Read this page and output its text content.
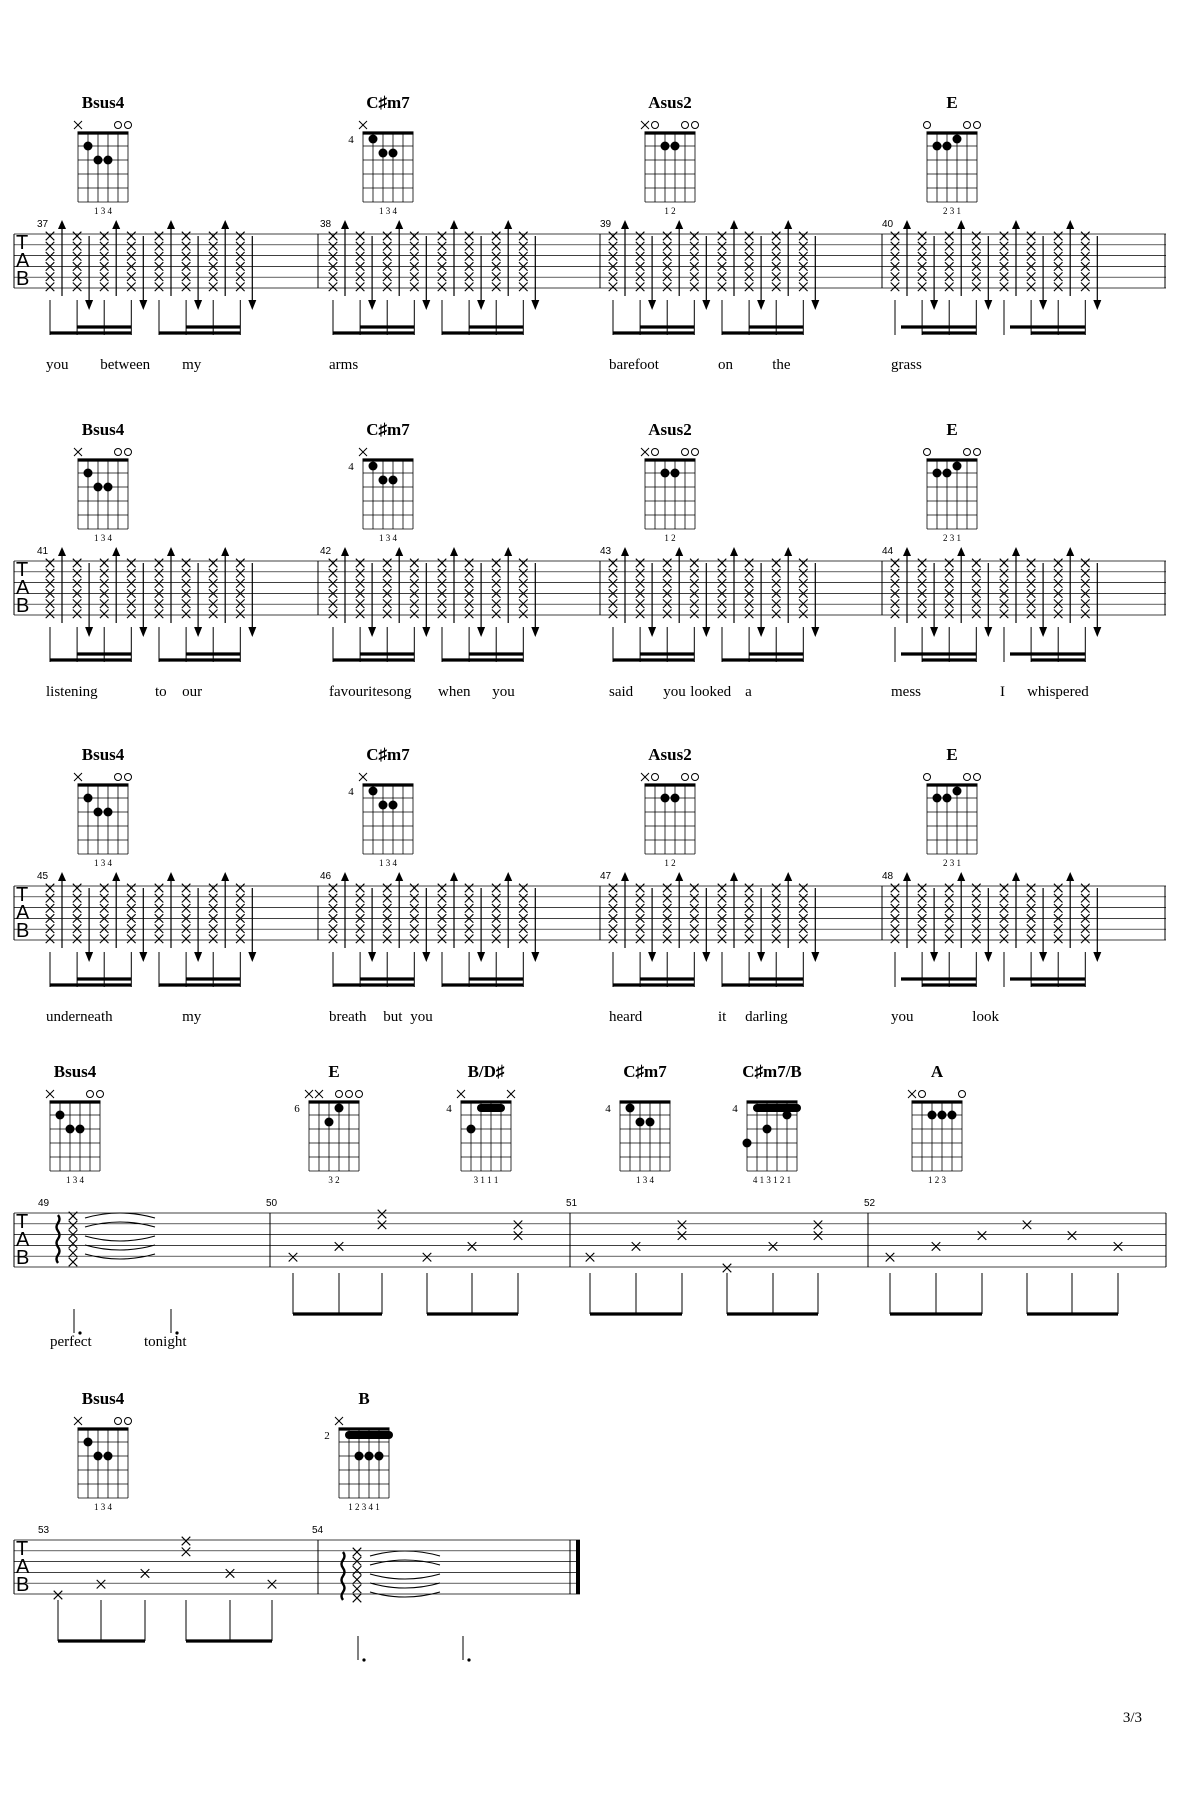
T
A
B
37	38	39	40
you between my	arms	barefoot	on	the	grass
Bsus4
1 3 4
C♯m7
4
1 3 4
Asus2
1 2
E
2 3 1
T
A
B
41	42	43	44
listening	to our	favourite song when you	said you looked a	mess	I whispered
Bsus4
1 3 4
C♯m7
4
1 3 4
Asus2
1 2
E
2 3 1
T
A
B
45	46	47	48
underneath	my	breath but you	heard	it darling	you	look
Bsus4
1 3 4
C♯m7
4
1 3 4
Asus2
1 2
E
2 3 1
T
A
B
49	50	51	52
perfect	tonight
Bsus4
1 3 4
E
6
3 2
B/D♯
4
3 1 1 1
C♯m7
4
1 3 4
C♯m7/B
4
4 1 3 1 2 1
A
1 2 3
T
A
B
53	54
Bsus4
1 3 4
B
2
1 2 3 4 1
3/3
